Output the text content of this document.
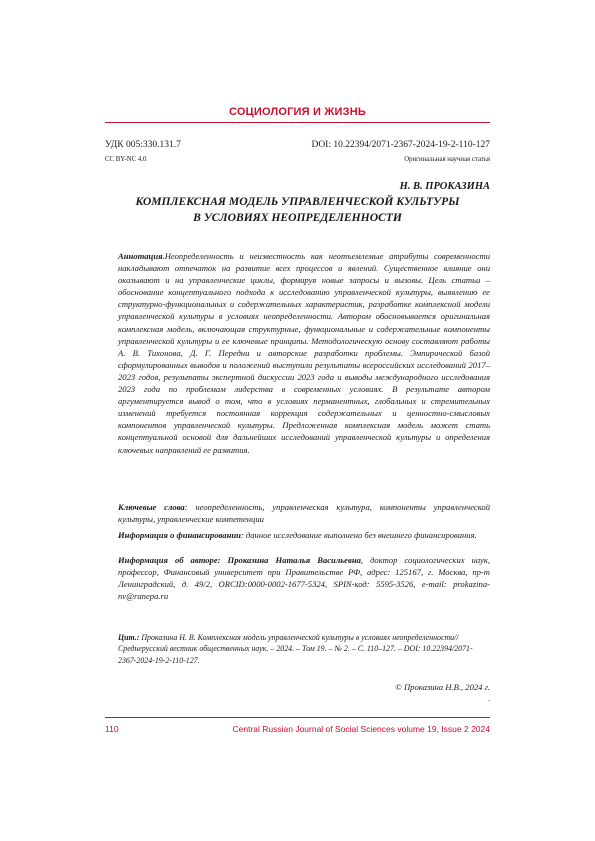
СОЦИОЛОГИЯ И ЖИЗНЬ
УДК 005:330.131.7	DOI: 10.22394/2071-2367-2024-19-2-110-127
CC BY-NC 4.0	Оригинальная научная статья
Н. В. ПРОКАЗИНА
КОМПЛЕКСНАЯ МОДЕЛЬ УПРАВЛЕНЧЕСКОЙ КУЛЬТУРЫ
В УСЛОВИЯХ НЕОПРЕДЕЛЕННОСТИ
Аннотация.Неопределенность и неизвестность как неотъемлемые атрибуты современности накладывают отпечаток на развитие всех процессов и явлений. Существенное влияние они оказывают и на управленческие циклы, формируя новые запросы и вызовы. Цель статьи – обоснование концептуального подхода к исследованию управленческой культуры, выявлению ее структурно-функциональных и содержательных характеристик, разработке комплексной модели управленческой культуры в условиях неопределенности. Автором обосновывается оригинальная комплексная модель, включающая структурные, функциональные и содержательные компоненты управленческой культуры и ее ключевые принципы. Методологическую основу составляют работы А. В. Тихонова, Д. Г. Передни и авторские разработки проблемы. Эмпирической базой сформулированных выводов и положений выступили результаты всероссийских исследований 2017–2023 годов, результаты экспертной дискуссии 2023 года и выводы международного исследования 2023 года по проблемам лидерства в современных условиях. В результате автором аргументируется вывод о том, что в условиях перманентных, глобальных и стремительных изменений требуется постоянная коррекция содержательных и ценностно-смысловых компонентов управленческой культуры. Предложенная комплексная модель может стать концептуальной основой для дальнейших исследований управленческой культуры и определения ключевых направлений ее развития.
Ключевые слова: неопределенность, управленческая культура, компоненты управленческой культуры, управленческие компетенции
Информация о финансировании: данное исследование выполнено без внешнего финансирования.
Информация об авторе: Проказина Наталья Васильевна, доктор социологических наук, профессор, Финансовый университет при Правительстве РФ, адрес: 125167, г. Москва, пр-т Ленинградский, д. 49/2, ORCID:0000-0002-1677-5324, SPIN-код: 5595-3526, e-mail: prokazina-nv@ranepa.ru
Цит.: Проказина Н. В. Комплексная модель управленческой культуры в условиях неопределенности// Среднерусский вестник общественных наук. – 2024. – Том 19. – № 2. – С. 110–127. – DOI: 10.22394/2071-2367-2024-19-2-110-127.
© Проказина Н.В., 2024 г.
.
110	Central Russian Journal of Social Sciences volume 19, Issue 2 2024
